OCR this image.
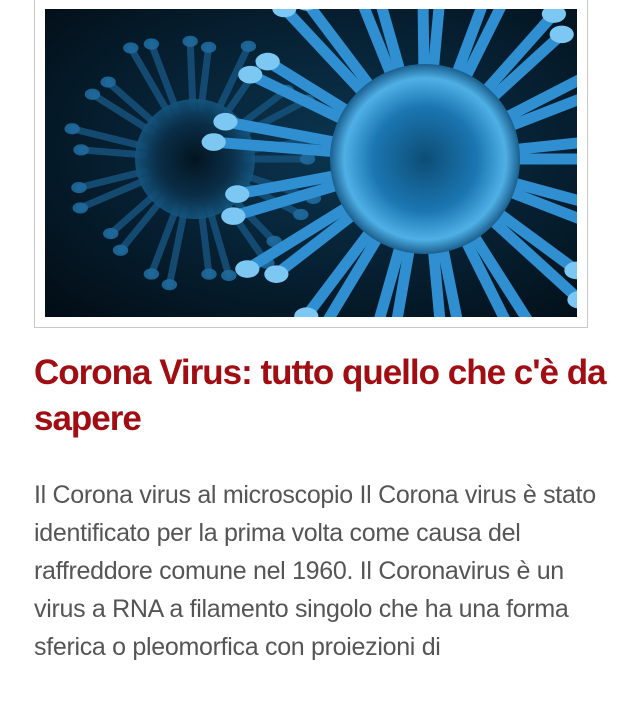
Corona Virus: tutto quello che c'è da sapere

Il Corona virus al microscopio Il Corona virus è stato identificato per la prima volta come causa del raffreddore comune nel 1960. Il Coronavirus è un virus a RNA a filamento singolo che ha una forma sferica o pleomorfica con proiezioni di
